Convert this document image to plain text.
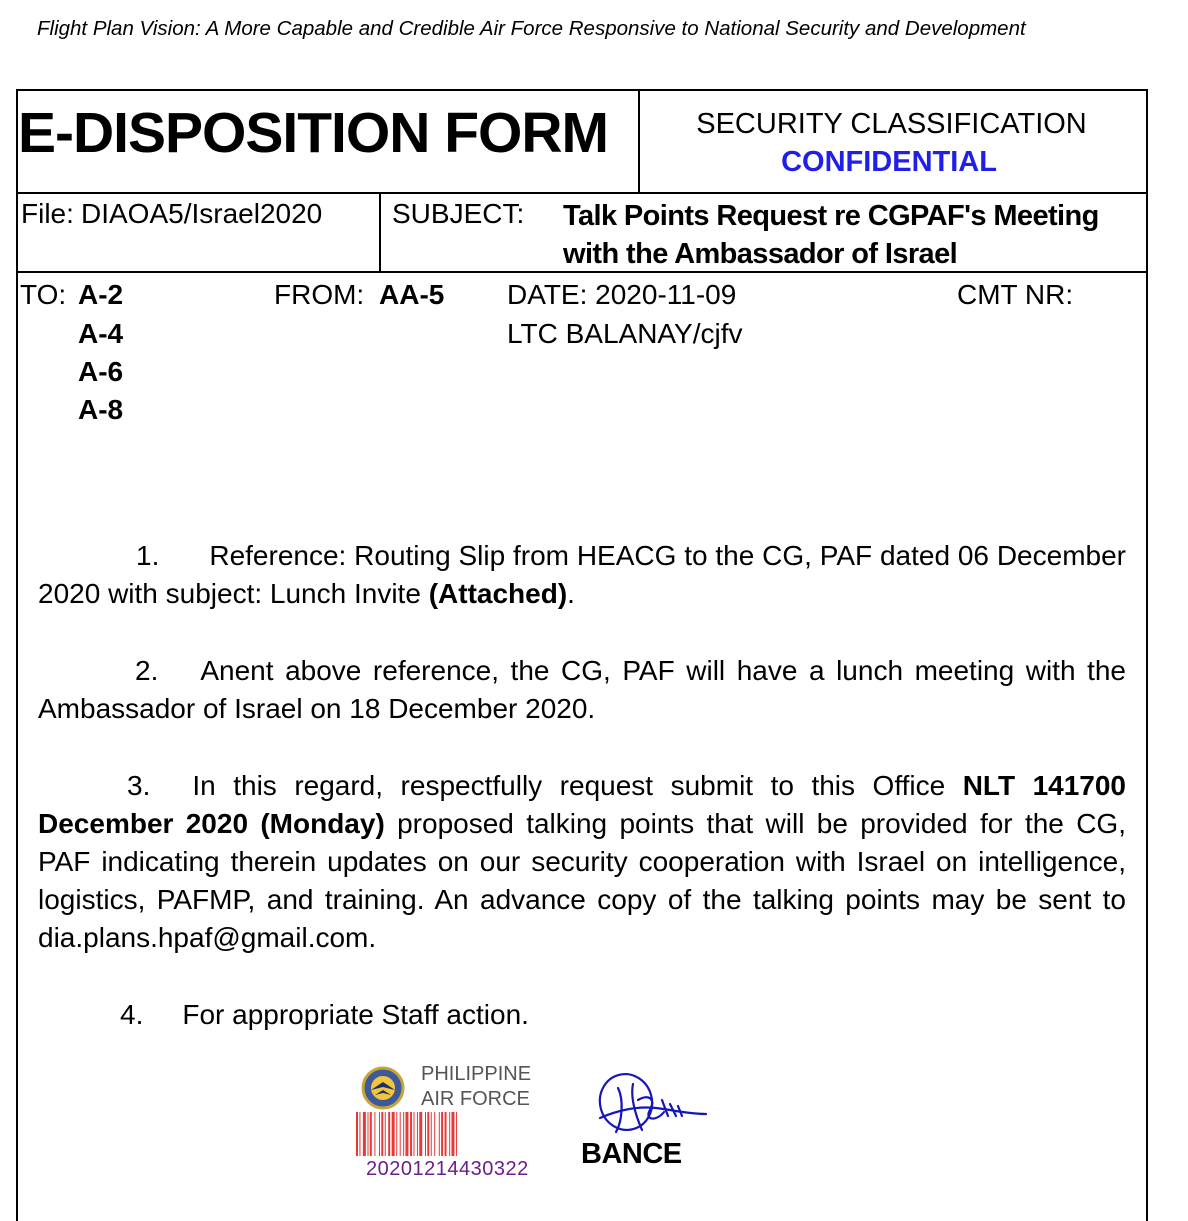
Flight Plan Vision: A More Capable and Credible Air Force Responsive to National Security and Development
E-DISPOSITION FORM	SECURITY CLASSIFICATION
CONFIDENTIAL
File: DIAOA5/Israel2020 SUBJECT: Talk Points Request re CGPAF's Meeting
with the Ambassador of Israel
TO: A-2
A-4
A-6
A-8
FROM: AA-5 DATE: 2020-11-09
LTC BALANAY/cjfv
CMT NR:
1. Reference: Routing Slip from HEACG to the CG, PAF dated 06 December 2020 with subject: Lunch Invite (Attached).
2. Anent above reference, the CG, PAF will have a lunch meeting with the Ambassador of Israel on 18 December 2020.
3. In this regard, respectfully request submit to this Office NLT 141700 December 2020 (Monday) proposed talking points that will be provided for the CG, PAF indicating therein updates on our security cooperation with Israel on intelligence, logistics, PAFMP, and training. An advance copy of the talking points may be sent to dia.plans.hpaf@gmail.com.
4. For appropriate Staff action.
PHILIPPINE
AIR FORCE
20201214430322 BANCE
